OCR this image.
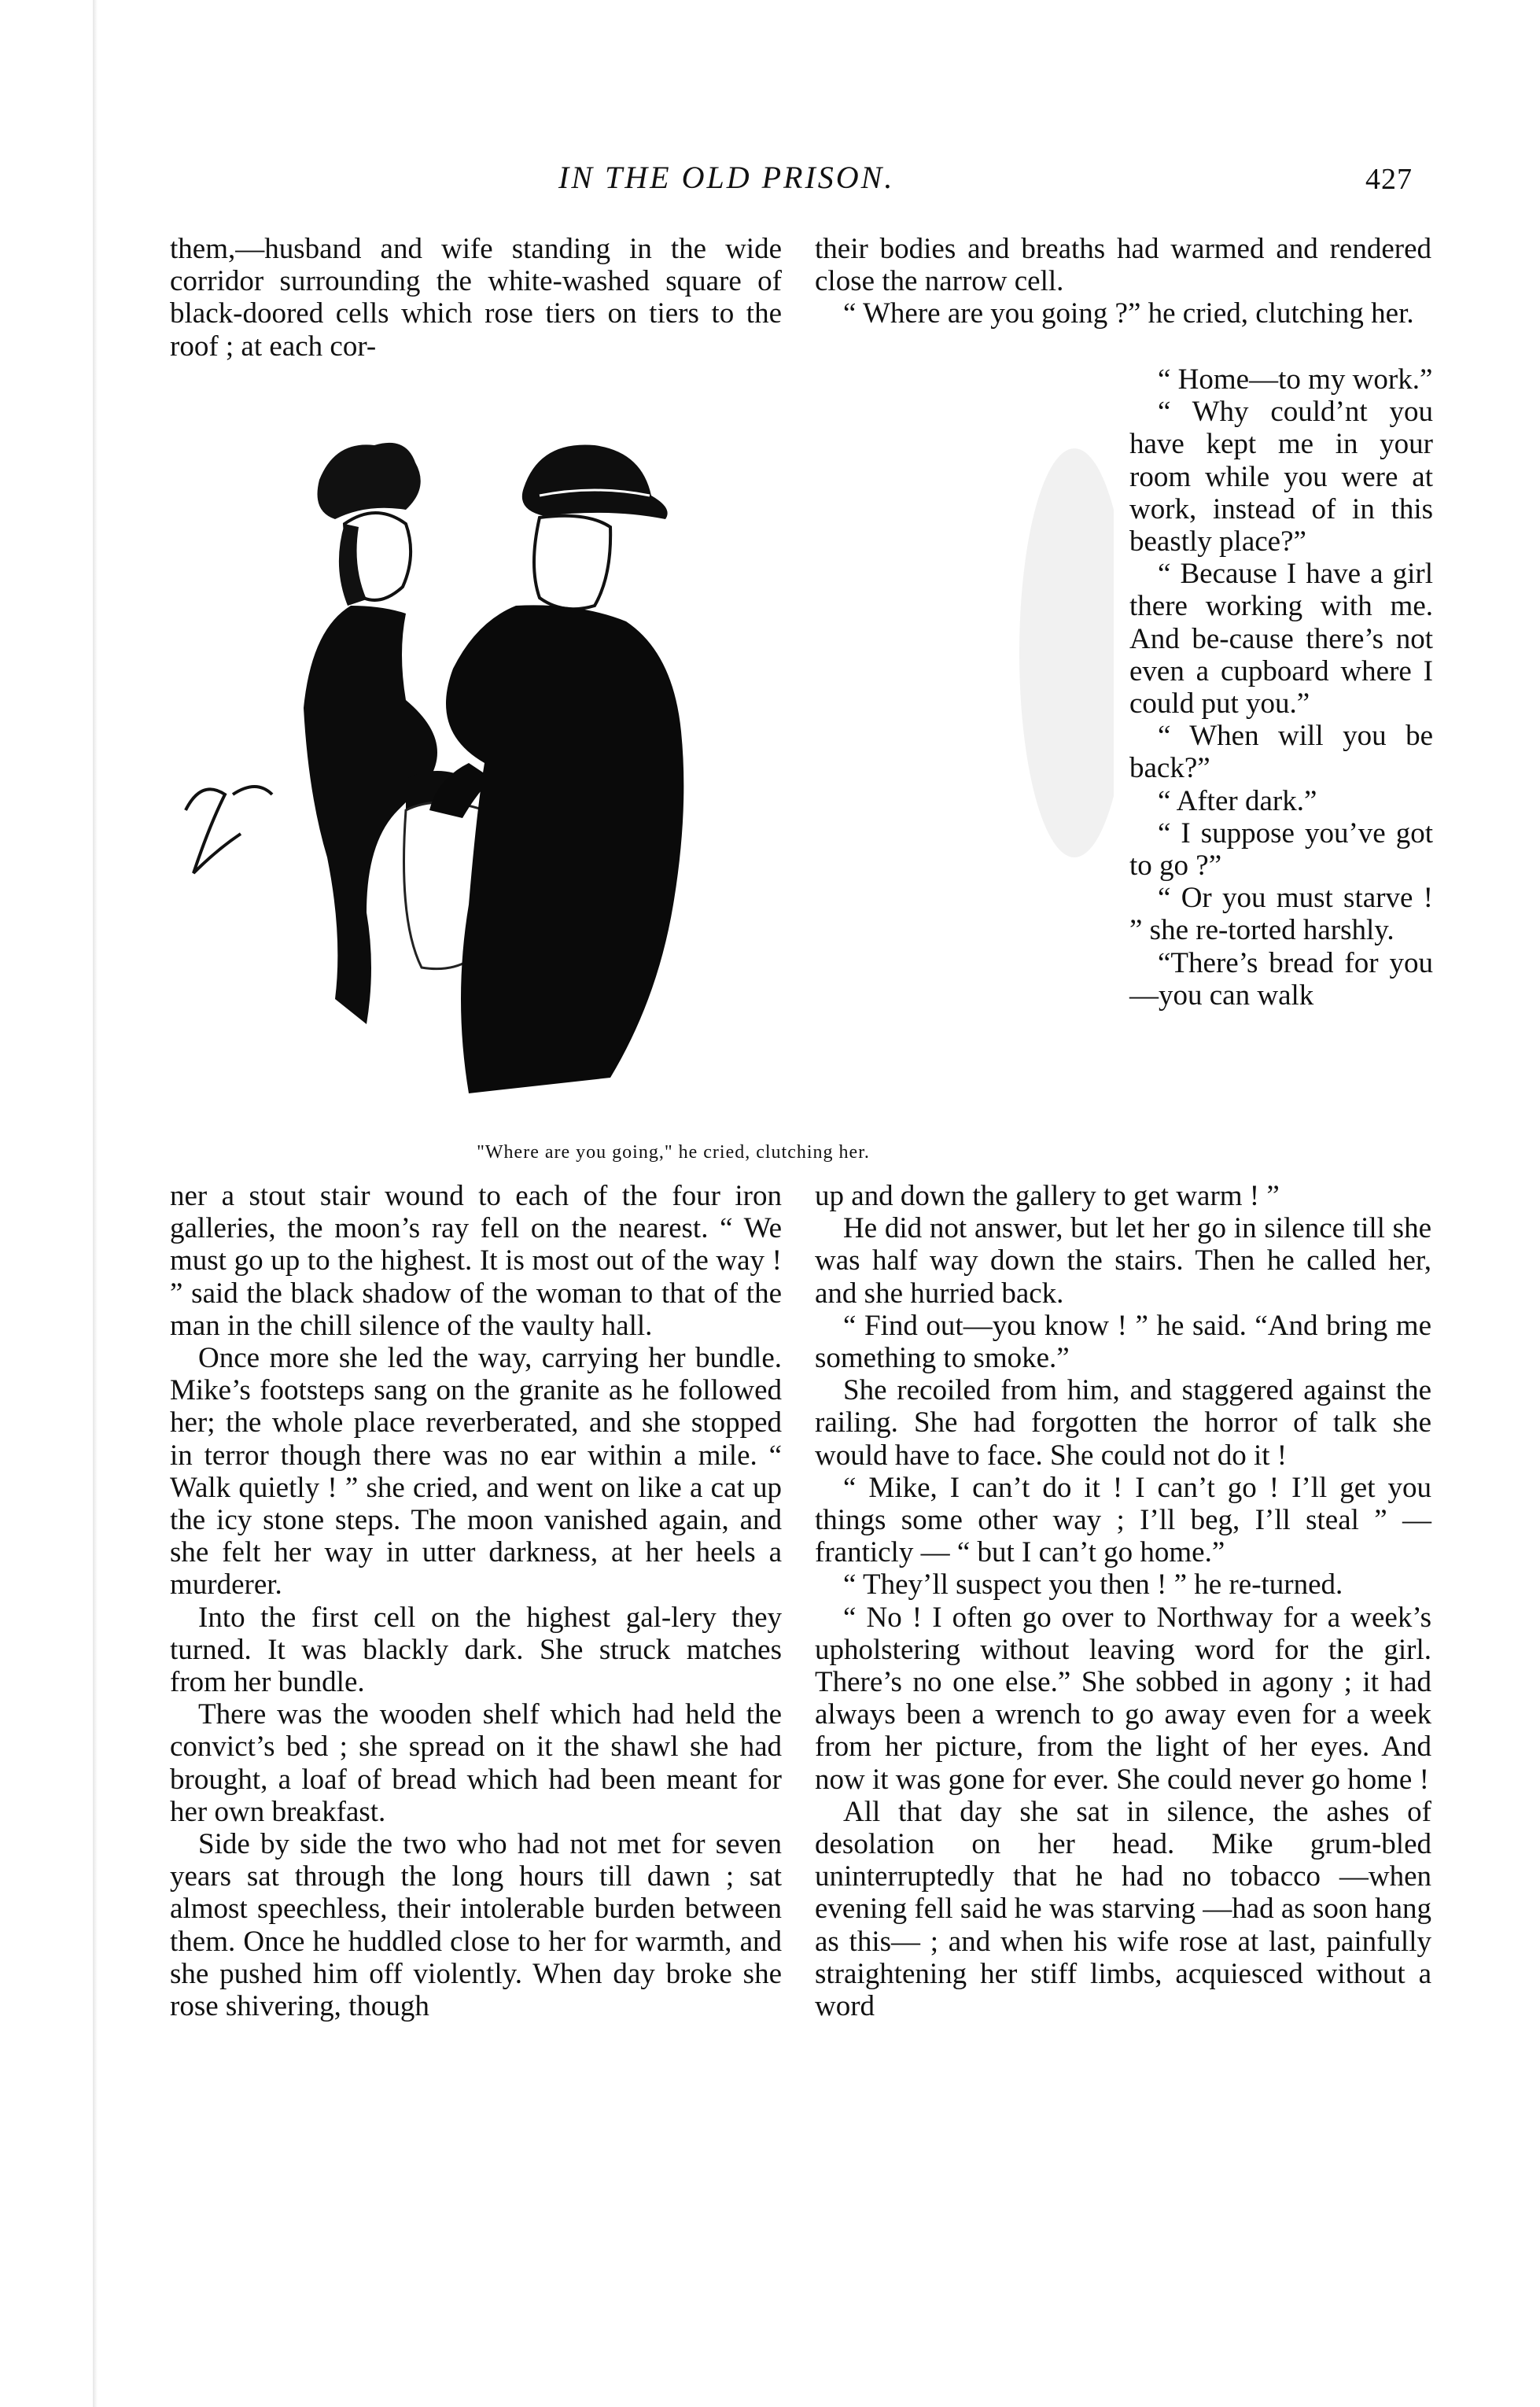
IN THE OLD PRISON.	427

them,—husband and wife standing in the wide corridor surrounding the white-washed square of black-doored cells which rose tiers on tiers to the roof ; at each cor-

their bodies and breaths had warmed and rendered close the narrow cell.

“ Where are you going ?” he cried, clutching her.

“ Home—to my work.”

“ Why could’nt you have kept me in your room while you were at work, instead of in this beastly place?”

“ Because I have a girl there working with me. And be-cause there’s not even a cupboard where I could put you.”

“ When will you be back?”

“ After dark.”

“ I suppose you’ve got to go ?”

“ Or you must starve ! ” she re-torted harshly.

“There’s bread for you—you can walk

"Where are you going," he cried, clutching her.

ner a stout stair wound to each of the four iron galleries, the moon’s ray fell on the nearest. “ We must go up to the highest. It is most out of the way ! ” said the black shadow of the woman to that of the man in the chill silence of the vaulty hall.

Once more she led the way, carrying her bundle. Mike’s footsteps sang on the granite as he followed her; the whole place reverberated, and she stopped in terror though there was no ear within a mile. “ Walk quietly ! ” she cried, and went on like a cat up the icy stone steps. The moon vanished again, and she felt her way in utter darkness, at her heels a murderer.

Into the first cell on the highest gal-lery they turned. It was blackly dark. She struck matches from her bundle.

There was the wooden shelf which had held the convict’s bed ; she spread on it the shawl she had brought, a loaf of bread which had been meant for her own breakfast.

Side by side the two who had not met for seven years sat through the long hours till dawn ; sat almost speechless, their intolerable burden between them. Once he huddled close to her for warmth, and she pushed him off violently. When day broke she rose shivering, though

up and down the gallery to get warm ! ”

He did not answer, but let her go in silence till she was half way down the stairs. Then he called her, and she hurried back.

“ Find out—you know ! ” he said. “And bring me something to smoke.”

She recoiled from him, and staggered against the railing. She had forgotten the horror of talk she would have to face. She could not do it !

“ Mike, I can’t do it ! I can’t go ! I’ll get you things some other way ; I’ll beg, I’ll steal ” — franticly — “ but I can’t go home.”

“ They’ll suspect you then ! ” he re-turned.

“ No ! I often go over to Northway for a week’s upholstering without leaving word for the girl. There’s no one else.” She sobbed in agony ; it had always been a wrench to go away even for a week from her picture, from the light of her eyes. And now it was gone for ever. She could never go home !

All that day she sat in silence, the ashes of desolation on her head. Mike grum-bled uninterruptedly that he had no tobacco —when evening fell said he was starving —had as soon hang as this— ; and when his wife rose at last, painfully straightening her stiff limbs, acquiesced without a word
